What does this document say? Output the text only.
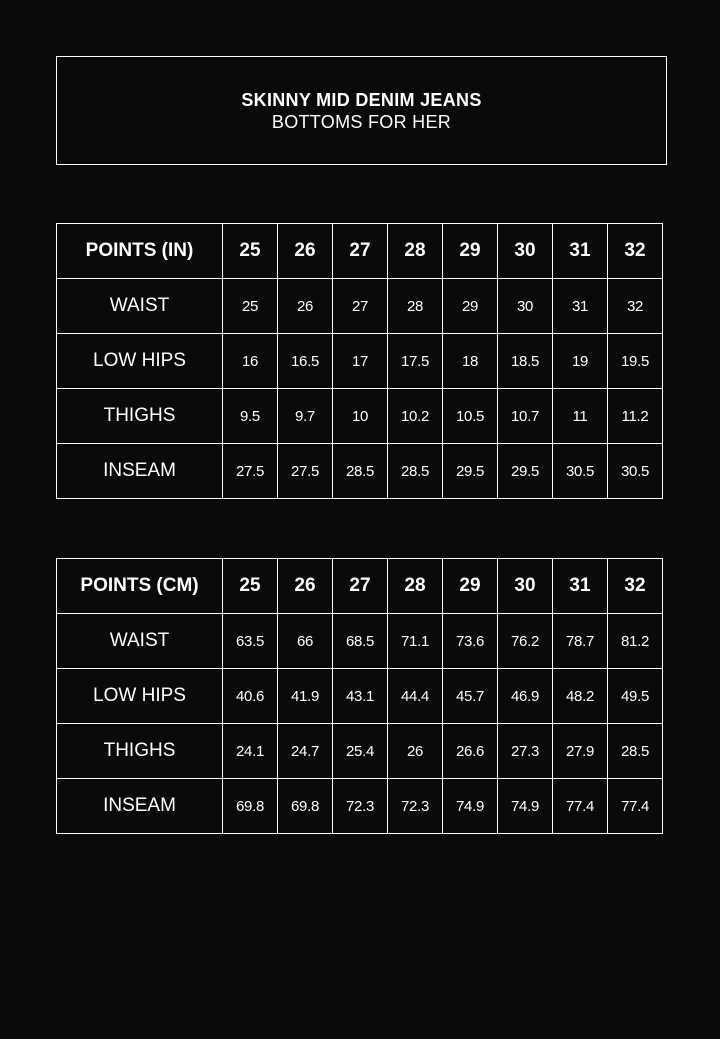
SKINNY MID DENIM JEANS
BOTTOMS FOR HER
POINTS (IN)	25	26	27	28	29	30	31	32
WAIST	25	26	27	28	29	30	31	32
LOW HIPS	16	16.5	17	17.5	18	18.5	19	19.5
THIGHS	9.5	9.7	10	10.2	10.5	10.7	11	11.2
INSEAM	27.5	27.5	28.5	28.5	29.5	29.5	30.5	30.5
POINTS (CM)	25	26	27	28	29	30	31	32
WAIST	63.5	66	68.5	71.1	73.6	76.2	78.7	81.2
LOW HIPS	40.6	41.9	43.1	44.4	45.7	46.9	48.2	49.5
THIGHS	24.1	24.7	25.4	26	26.6	27.3	27.9	28.5
INSEAM	69.8	69.8	72.3	72.3	74.9	74.9	77.4	77.4
